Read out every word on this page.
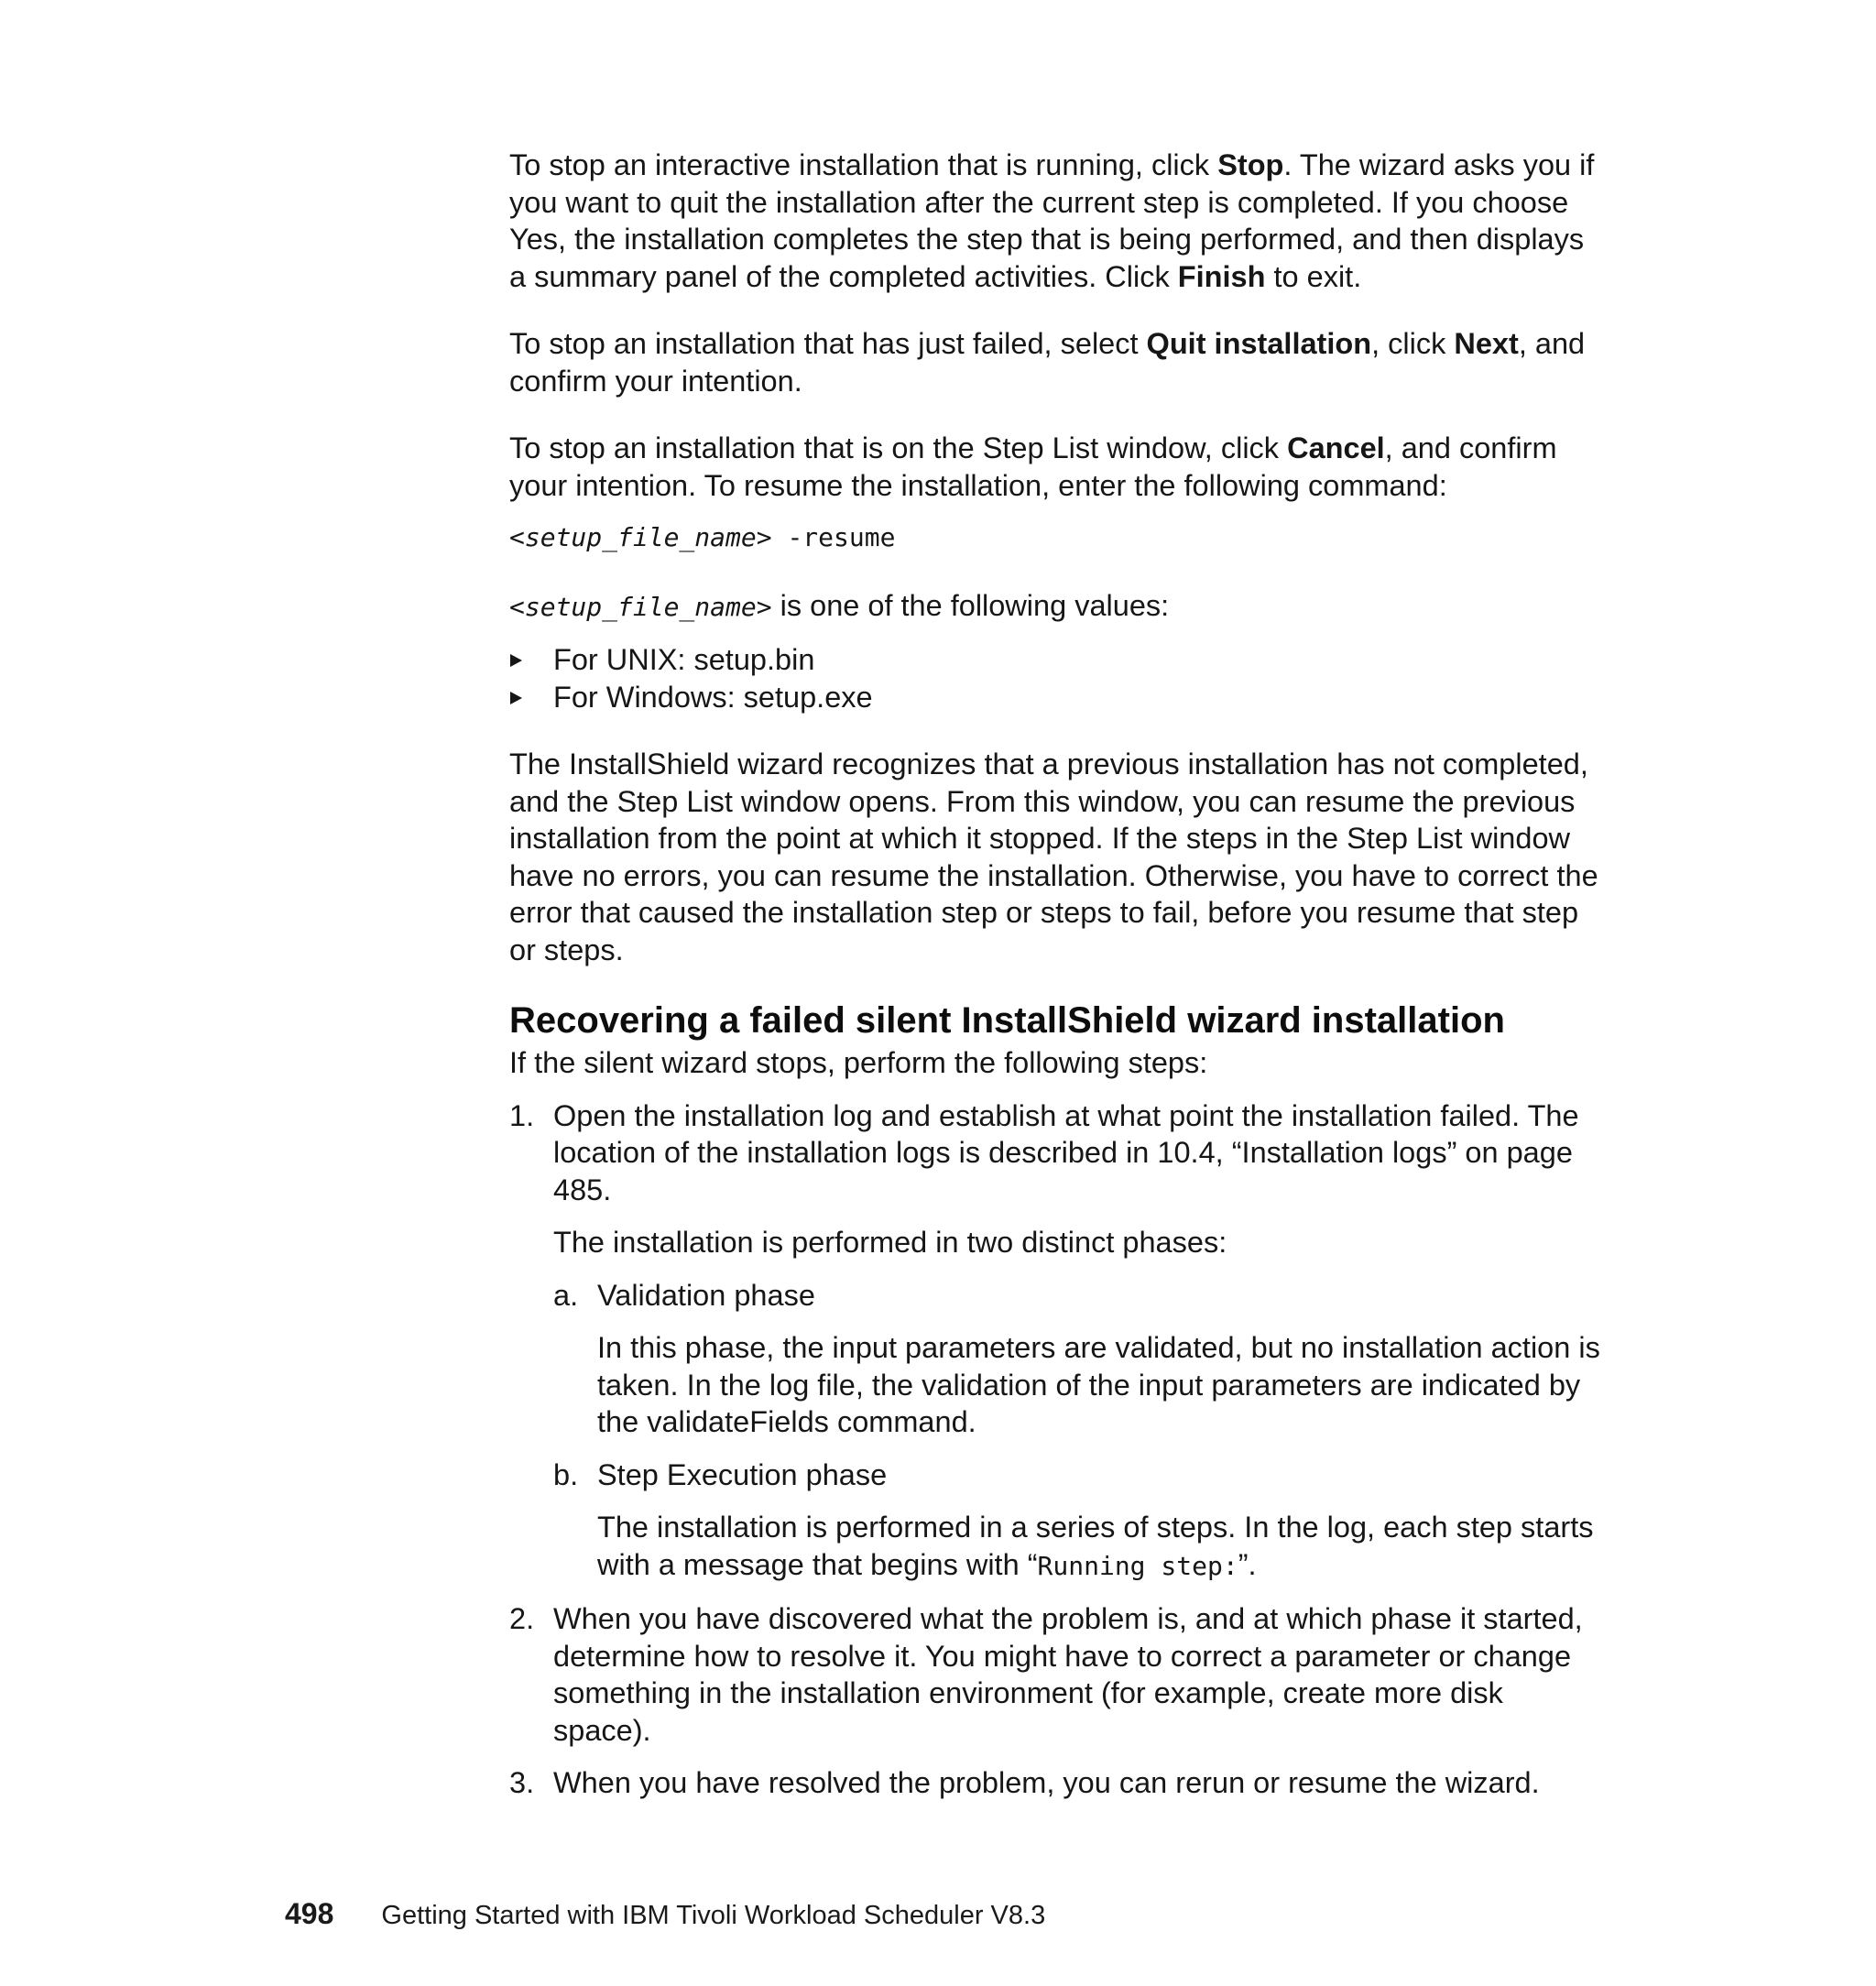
To stop an interactive installation that is running, click Stop. The wizard asks you if you want to quit the installation after the current step is completed. If you choose Yes, the installation completes the step that is being performed, and then displays a summary panel of the completed activities. Click Finish to exit.

To stop an installation that has just failed, select Quit installation, click Next, and confirm your intention.

To stop an installation that is on the Step List window, click Cancel, and confirm your intention. To resume the installation, enter the following command:

<setup_file_name> -resume

<setup_file_name> is one of the following values:

For UNIX: setup.bin
For Windows: setup.exe

The InstallShield wizard recognizes that a previous installation has not completed, and the Step List window opens. From this window, you can resume the previous installation from the point at which it stopped. If the steps in the Step List window have no errors, you can resume the installation. Otherwise, you have to correct the error that caused the installation step or steps to fail, before you resume that step or steps.

Recovering a failed silent InstallShield wizard installation

If the silent wizard stops, perform the following steps:

1. Open the installation log and establish at what point the installation failed. The location of the installation logs is described in 10.4, “Installation logs” on page 485.

The installation is performed in two distinct phases:

a. Validation phase

In this phase, the input parameters are validated, but no installation action is taken. In the log file, the validation of the input parameters are indicated by the validateFields command.

b. Step Execution phase

The installation is performed in a series of steps. In the log, each step starts with a message that begins with “Running step:”.

2. When you have discovered what the problem is, and at which phase it started, determine how to resolve it. You might have to correct a parameter or change something in the installation environment (for example, create more disk space).
3. When you have resolved the problem, you can rerun or resume the wizard.
498 Getting Started with IBM Tivoli Workload Scheduler V8.3
